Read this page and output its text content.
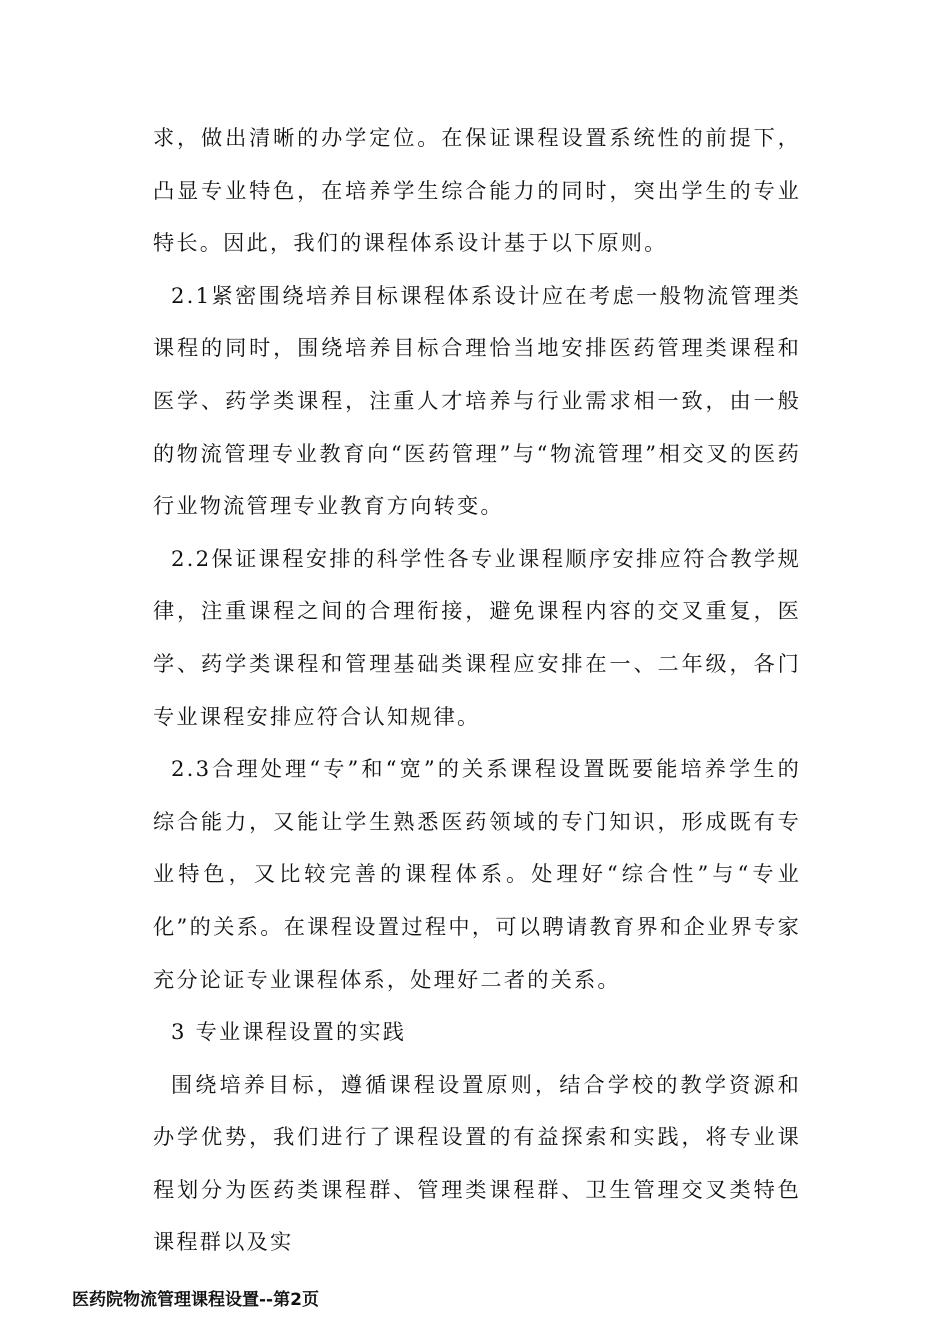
求，做出清晰的办学定位。在保证课程设置系统性的前提下，凸显专业特色，在培养学生综合能力的同时，突出学生的专业特长。因此，我们的课程体系设计基于以下原则。

2.1紧密围绕培养目标课程体系设计应在考虑一般物流管理类课程的同时，围绕培养目标合理恰当地安排医药管理类课程和医学、药学类课程，注重人才培养与行业需求相一致，由一般的物流管理专业教育向“医药管理”与“物流管理”相交叉的医药行业物流管理专业教育方向转变。

2.2保证课程安排的科学性各专业课程顺序安排应符合教学规律，注重课程之间的合理衔接，避免课程内容的交叉重复，医学、药学类课程和管理基础类课程应安排在一、二年级，各门专业课程安排应符合认知规律。

2.3合理处理“专”和“宽”的关系课程设置既要能培养学生的综合能力，又能让学生熟悉医药领域的专门知识，形成既有专业特色，又比较完善的课程体系。处理好“综合性”与“专业化”的关系。在课程设置过程中，可以聘请教育界和企业界专家充分论证专业课程体系，处理好二者的关系。

3 专业课程设置的实践

围绕培养目标，遵循课程设置原则，结合学校的教学资源和办学优势，我们进行了课程设置的有益探索和实践，将专业课程划分为医药类课程群、管理类课程群、卫生管理交叉类特色课程群以及实

医药院物流管理课程设置--第2页
